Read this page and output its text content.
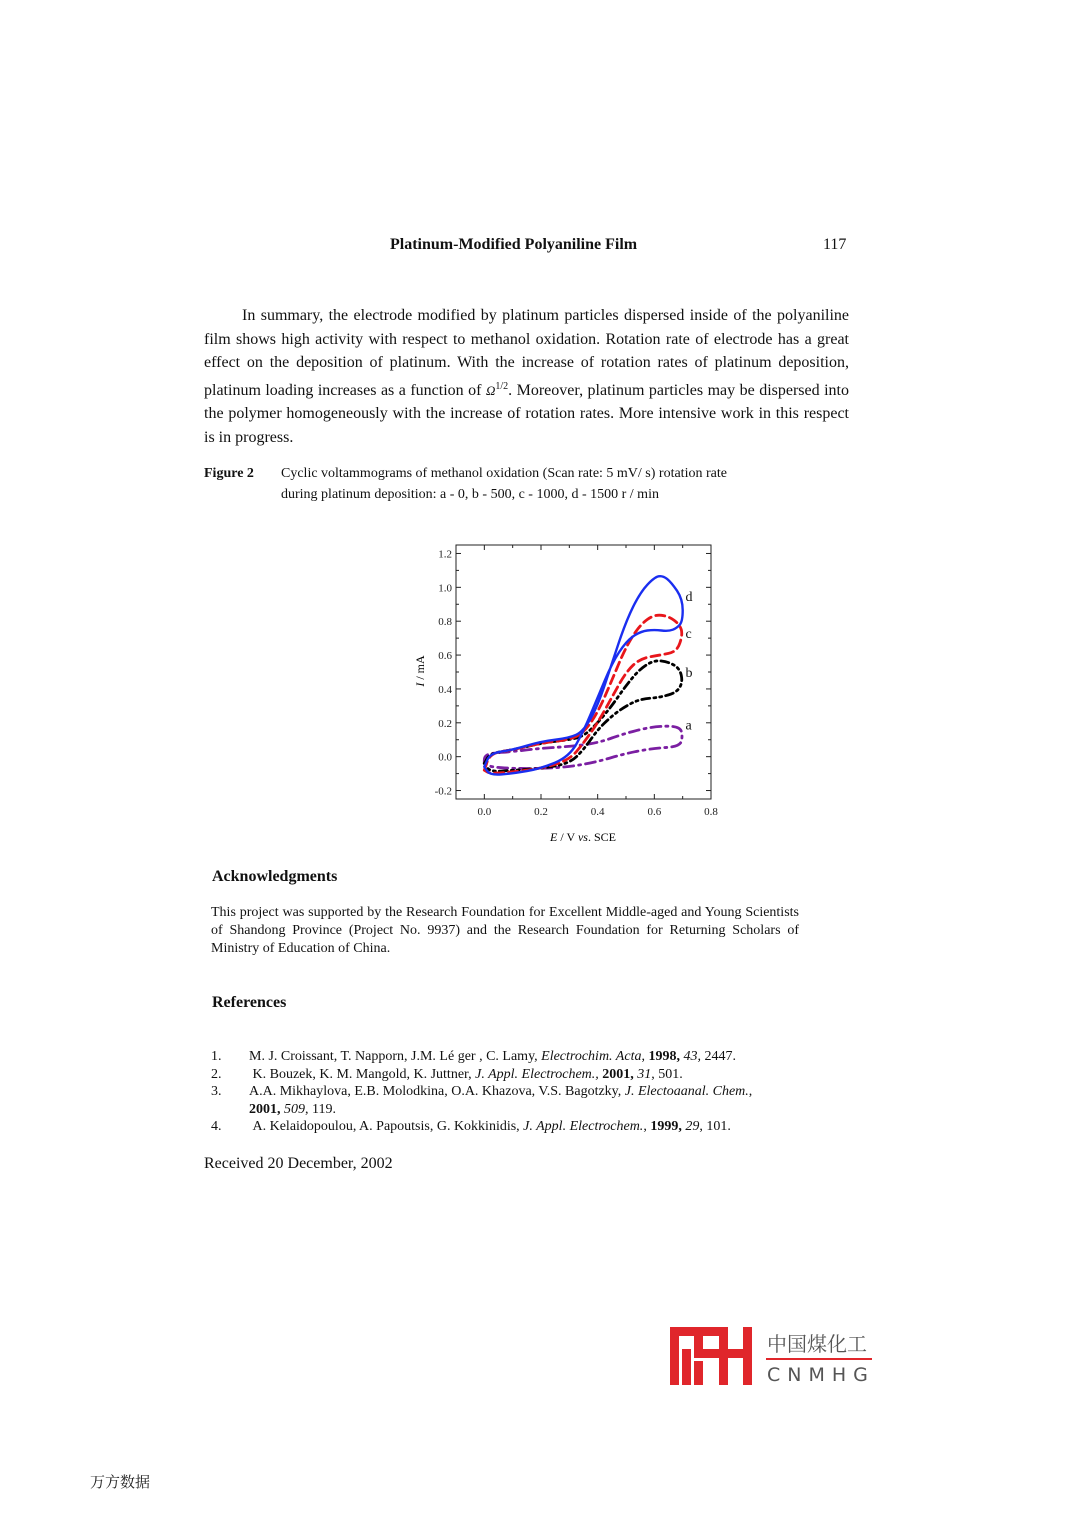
Platinum-Modified Polyaniline Film	117
In summary, the electrode modified by platinum particles dispersed inside of the polyaniline film shows high activity with respect to methanol oxidation. Rotation rate of electrode has a great effect on the deposition of platinum. With the increase of rotation rates of platinum deposition, platinum loading increases as a function of $\Omega^{1/2}$. Moreover, platinum particles may be dispersed into the polymer homogeneously with the increase of rotation rates. More intensive work in this respect is in progress.
Figure 2 Cyclic voltammograms of methanol oxidation (Scan rate: 5 mV/ s) rotation rate
during platinum deposition: a - 0, b - 500, c - 1000, d - 1500 r / min
0.0	0.2	0.4	0.6	0.8
-0.2
0.0
0.2
0.4
0.6
0.8
1.0
1.2
d
c
b
a
I / mA
E / V vs. SCE
Acknowledgments
This project was supported by the Research Foundation for Excellent Middle-aged and Young Scientists of Shandong Province (Project No. 9937) and the Research Foundation for Returning Scholars of Ministry of Education of China.
References
1.	M. J. Croissant, T. Napporn, J.M. Lé ger , C. Lamy, Electrochim. Acta, 1998, 43, 2447.
2.	K. Bouzek, K. M. Mangold, K. Juttner, J. Appl. Electrochem., 2001, 31, 501.
3.	A.A. Mikhaylova, E.B. Molodkina, O.A. Khazova, V.S. Bagotzky, J. Electoaanal. Chem.,
2001, 509, 119.
4.	A. Kelaidopoulou, A. Papoutsis, G. Kokkinidis, J. Appl. Electrochem., 1999, 29, 101.
Received 20 December, 2002
中国煤化工
CNMHG
万方数据
